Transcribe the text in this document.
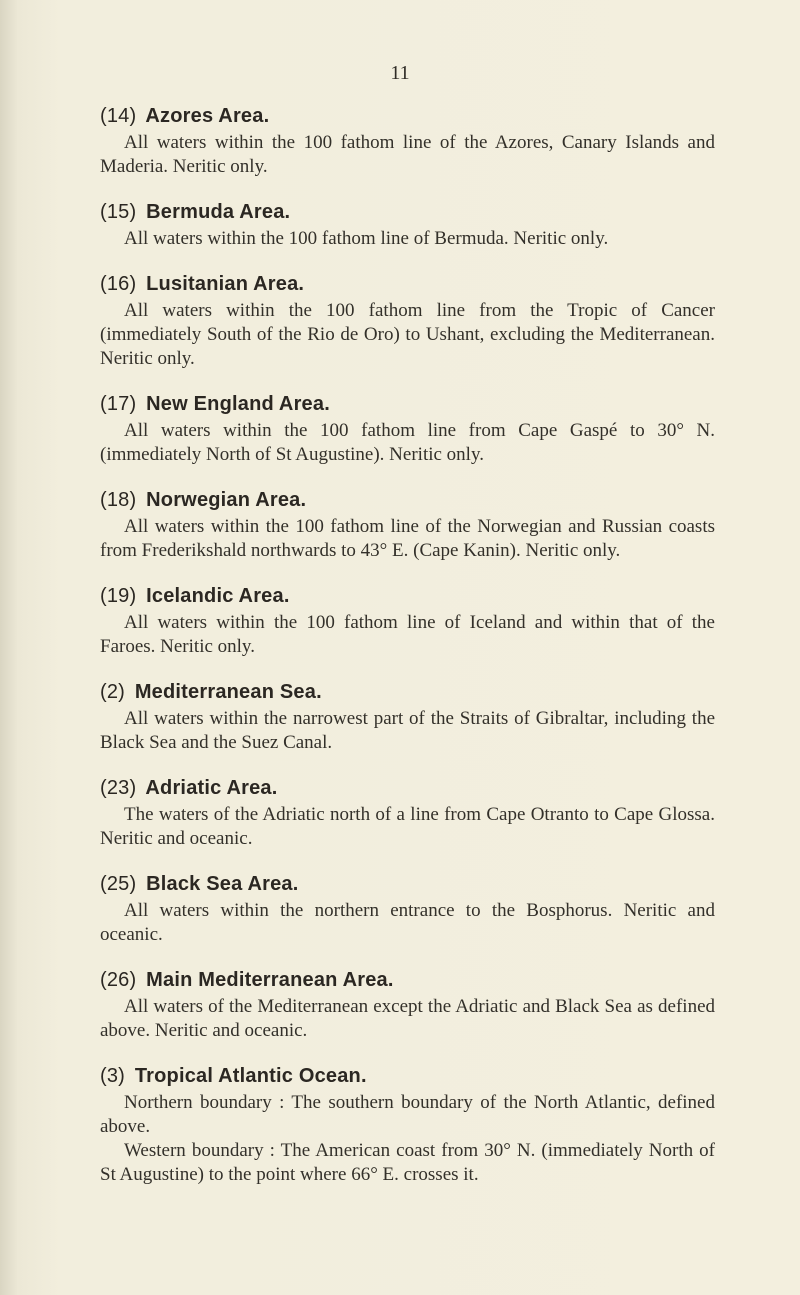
11
(14) Azores Area.
All waters within the 100 fathom line of the Azores, Canary Islands and Maderia. Neritic only.
(15) Bermuda Area.
All waters within the 100 fathom line of Bermuda. Neritic only.
(16) Lusitanian Area.
All waters within the 100 fathom line from the Tropic of Cancer (immediately South of the Rio de Oro) to Ushant, excluding the Mediterranean. Neritic only.
(17) New England Area.
All waters within the 100 fathom line from Cape Gaspé to 30° N. (immediately North of St Augustine). Neritic only.
(18) Norwegian Area.
All waters within the 100 fathom line of the Norwegian and Russian coasts from Frederikshald northwards to 43° E. (Cape Kanin). Neritic only.
(19) Icelandic Area.
All waters within the 100 fathom line of Iceland and within that of the Faroes. Neritic only.
(2) Mediterranean Sea.
All waters within the narrowest part of the Straits of Gibraltar, including the Black Sea and the Suez Canal.
(23) Adriatic Area.
The waters of the Adriatic north of a line from Cape Otranto to Cape Glossa. Neritic and oceanic.
(25) Black Sea Area.
All waters within the northern entrance to the Bosphorus. Neritic and oceanic.
(26) Main Mediterranean Area.
All waters of the Mediterranean except the Adriatic and Black Sea as defined above. Neritic and oceanic.
(3) Tropical Atlantic Ocean.
Northern boundary : The southern boundary of the North Atlantic, defined above.
Western boundary : The American coast from 30° N. (immediately North of St Augustine) to the point where 66° E. crosses it.
